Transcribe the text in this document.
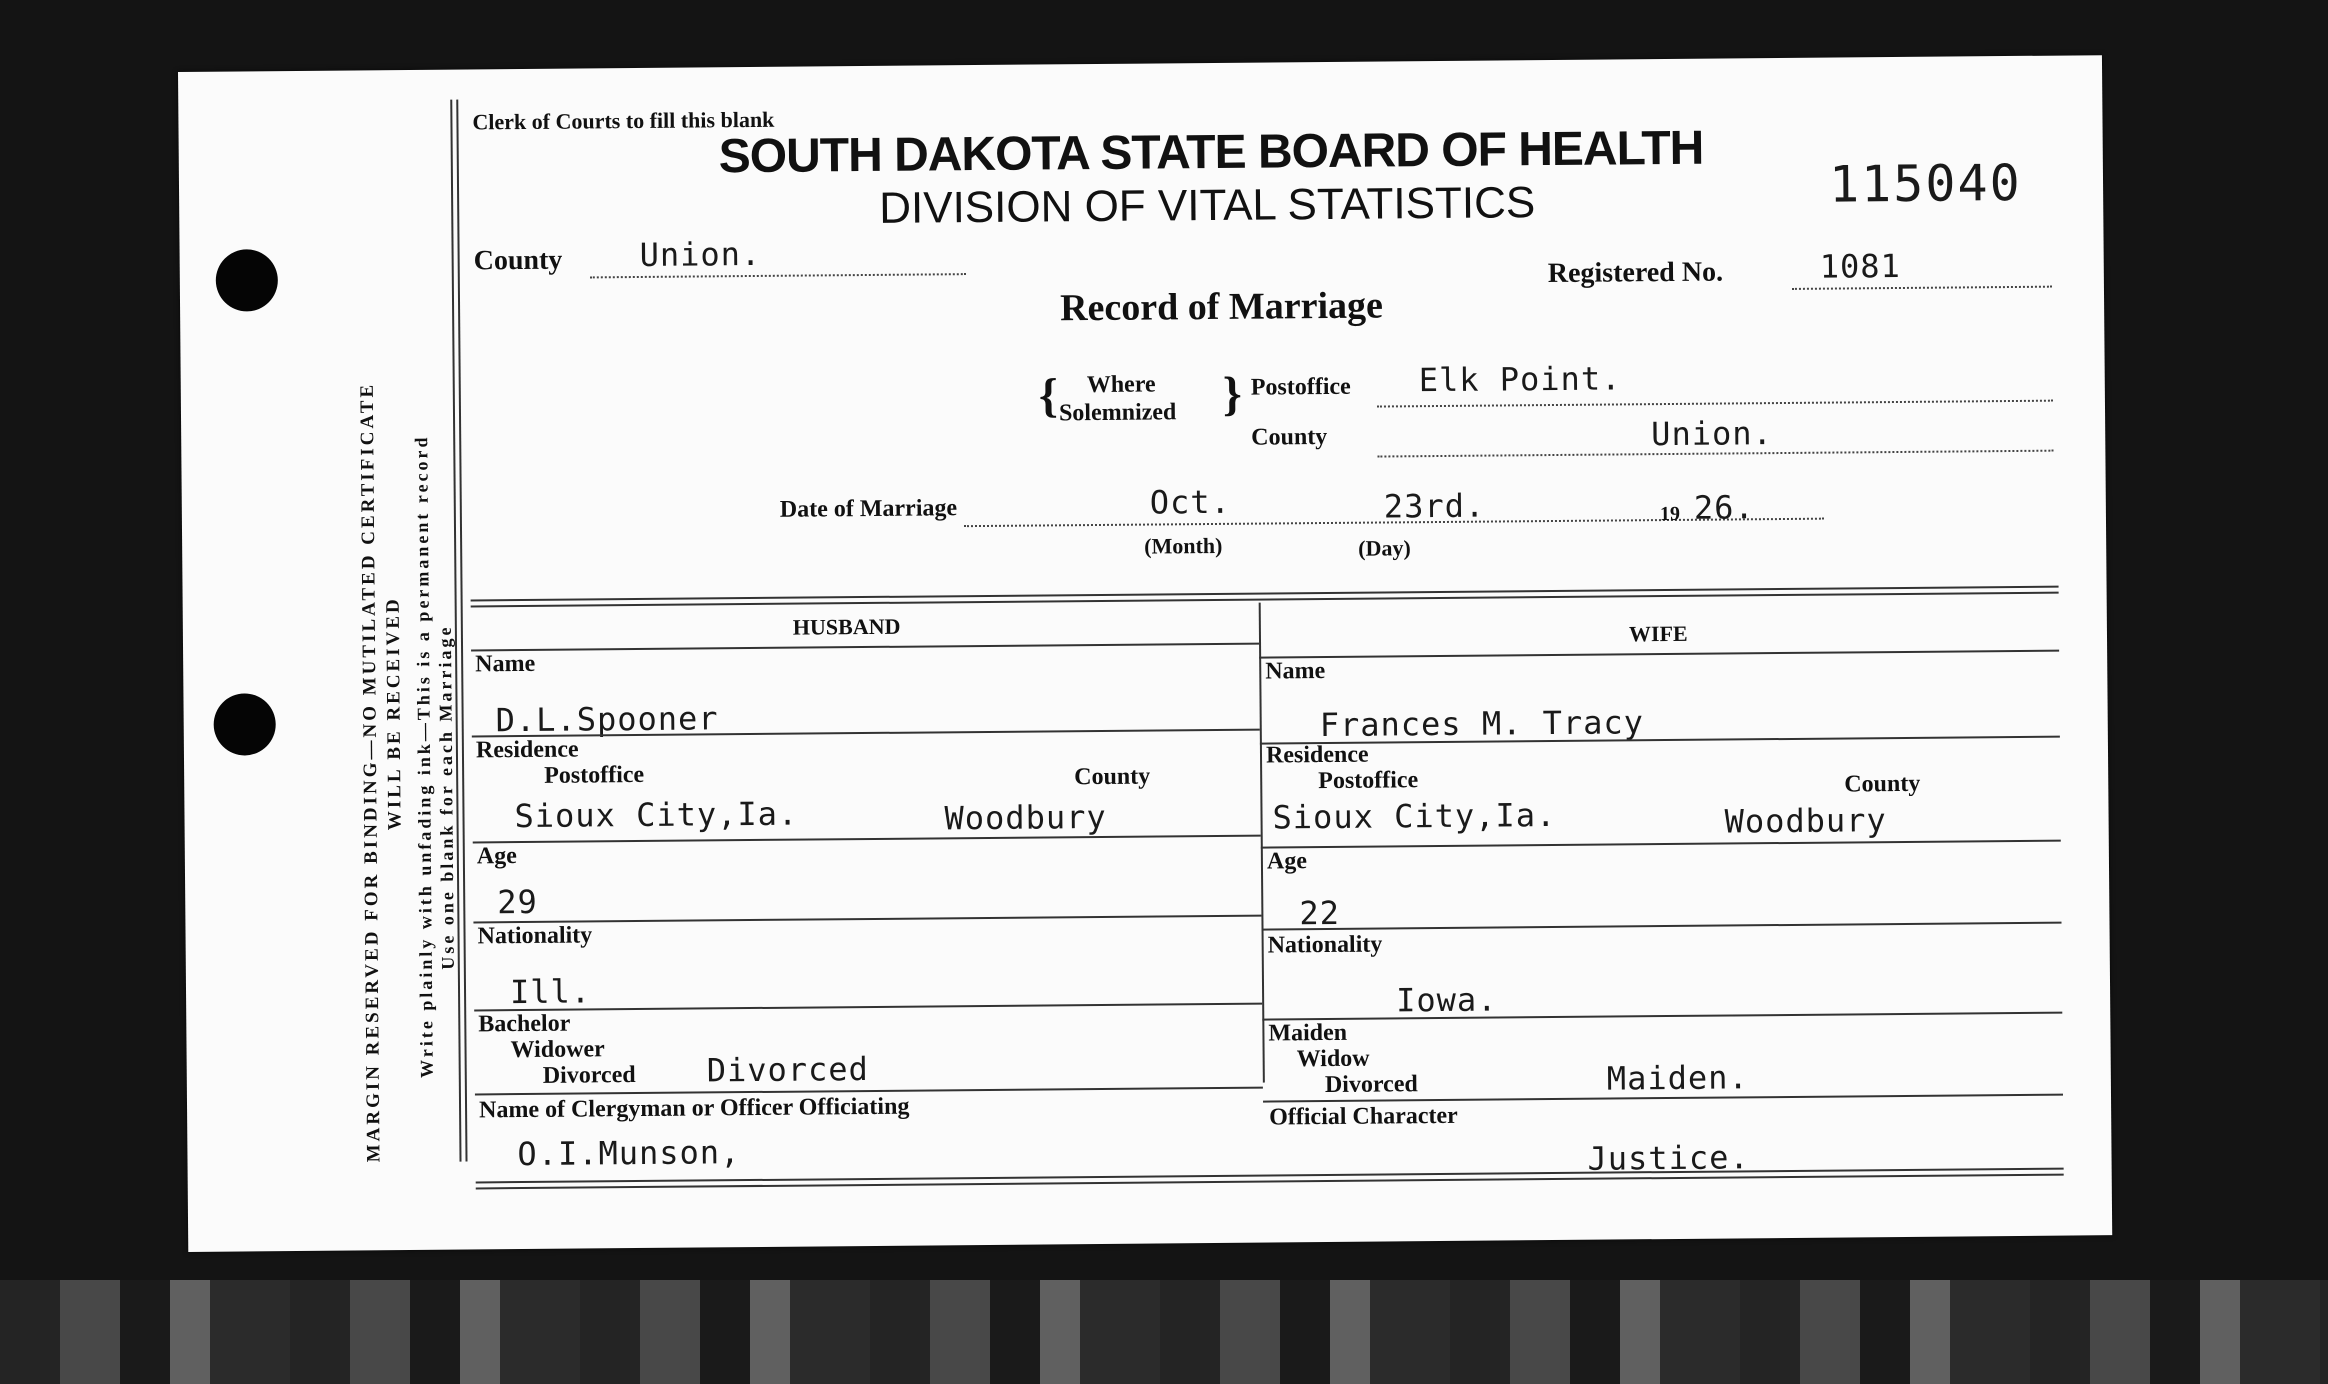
MARGIN RESERVED FOR BINDING—NO MUTILATED CERTIFICATE
WILL BE RECEIVED Write plainly with unfading ink—This is a permanent record
Use one blank for each Marriage
Clerk of Courts to fill this blank
SOUTH DAKOTA STATE BOARD OF HEALTH
115040
DIVISION OF VITAL STATISTICS
County Union.	Registered No.	1081
Record of Marriage
{ Where
Solemnized } Postoffice Elk Point.
County	Union.
Date of Marriage	Oct.
(Month)
23rd.
(Day)
19 26.
HUSBAND
Name
D.L.Spooner
Residence
Postoffice	County
Sioux City,Ia.	Woodbury
Age
29
Nationality
Ill.
Bachelor
Widower
Divorced Divorced
Name of Clergyman or Officer Officiating
O.I.Munson,
WIFE
Name
Frances M. Tracy
Residence
Postoffice	County
Sioux City,Ia.	Woodbury
Age
22
Nationality
Iowa.
Maiden
Widow
Divorced	Maiden.
Official Character
Justice.
